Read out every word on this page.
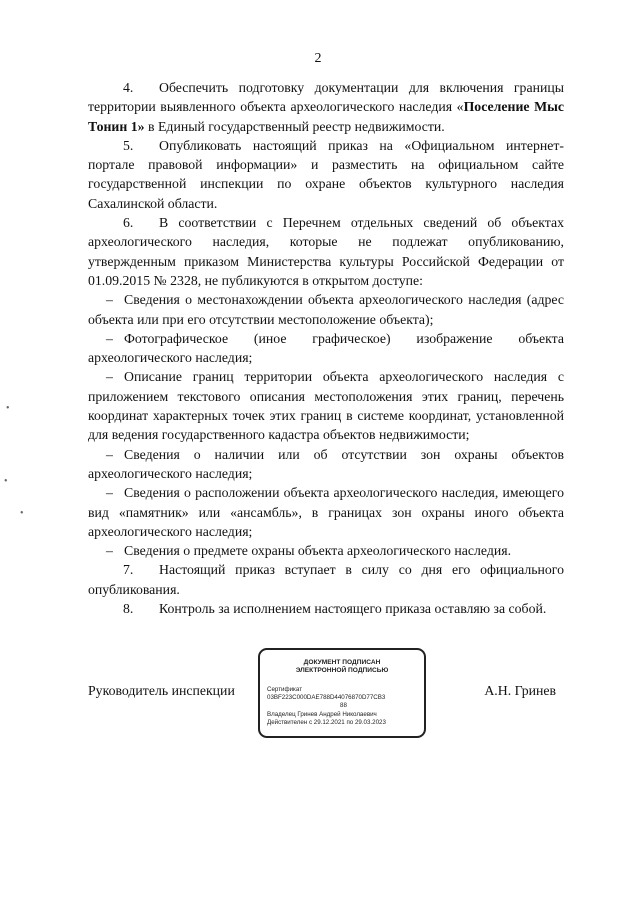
2

4. Обеспечить подготовку документации для включения границы территории выявленного объекта археологического наследия «Поселение Мыс Тонин 1» в Единый государственный реестр недвижимости.

5. Опубликовать настоящий приказ на «Официальном интернет-портале правовой информации» и разместить на официальном сайте государственной инспекции по охране объектов культурного наследия Сахалинской области.

6. В соответствии с Перечнем отдельных сведений об объектах археологического наследия, которые не подлежат опубликованию, утвержденным приказом Министерства культуры Российской Федерации от 01.09.2015 № 2328, не публикуются в открытом доступе:

– Сведения о местонахождении объекта археологического наследия (адрес объекта или при его отсутствии местоположение объекта);

– Фотографическое (иное графическое) изображение объекта археологического наследия;

– Описание границ территории объекта археологического наследия с приложением текстового описания местоположения этих границ, перечень координат характерных точек этих границ в системе координат, установленной для ведения государственного кадастра объектов недвижимости;

– Сведения о наличии или об отсутствии зон охраны объектов археологического наследия;

– Сведения о расположении объекта археологического наследия, имеющего вид «памятник» или «ансамбль», в границах зон охраны иного объекта археологического наследия;

– Сведения о предмете охраны объекта археологического наследия.

7. Настоящий приказ вступает в силу со дня его официального опубликования.

8. Контроль за исполнением настоящего приказа оставляю за собой.

Руководитель инспекции	А.Н. Гринев
ДОКУМЕНТ ПОДПИСАН
ЭЛЕКТРОННОЙ ПОДПИСЬЮ
Сертификат 03BF223C000DAE788D44076870D77CB3
88
Владелец Гринев Андрей Николаевич
Действителен с 29.12.2021 по 29.03.2023
•
•
•
